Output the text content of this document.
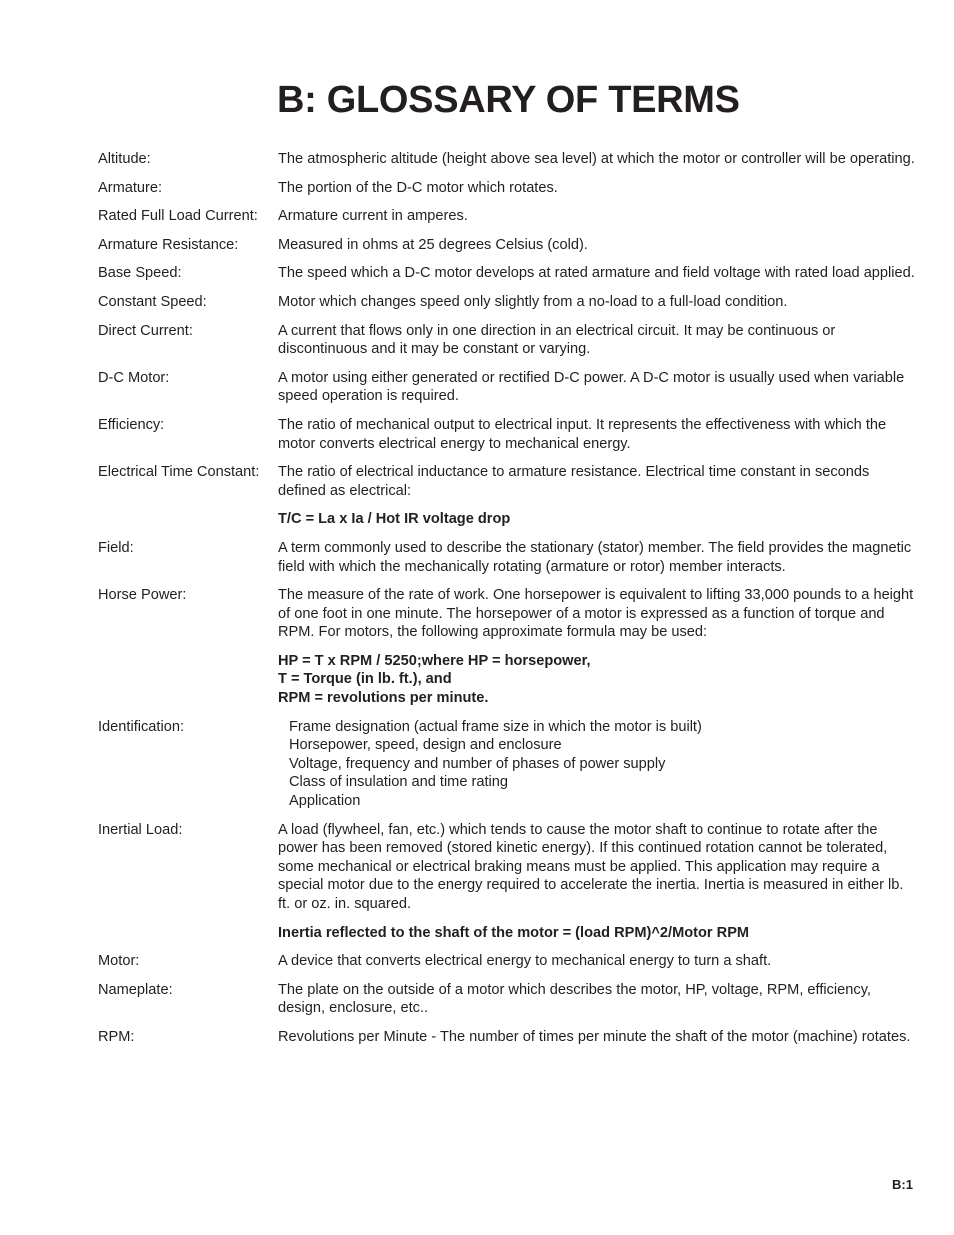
B: GLOSSARY OF TERMS
Altitude:	The atmospheric altitude (height above sea level) at which the motor or controller will be operating.

Armature:	The portion of the D-C motor which rotates.

Rated Full Load Current:	Armature current in amperes.

Armature Resistance:	Measured in ohms at 25 degrees Celsius (cold).

Base Speed:	The speed which a D-C motor develops at rated armature and field voltage with rated load applied.

Constant Speed:	Motor which changes speed only slightly from a no-load to a full-load condition.

Direct Current:	A current that flows only in one direction in an electrical circuit. It may be continuous or discontinuous and it may be constant or varying.

D-C Motor:	A motor using either generated or rectified D-C power. A D-C motor is usually used when variable speed operation is required.

Efficiency:	The ratio of mechanical output to electrical input. It represents the effectiveness with which the motor converts electrical energy to mechanical energy.

Electrical Time Constant:	The ratio of electrical inductance to armature resistance. Electrical time constant in seconds defined as electrical:

T/C = La x Ia / Hot IR voltage drop

Field:	A term commonly used to describe the stationary (stator) member. The field provides the magnetic field with which the mechanically rotating (armature or rotor) member interacts.

Horse Power:	The measure of the rate of work. One horsepower is equivalent to lifting 33,000 pounds to a height of one foot in one minute. The horsepower of a motor is expressed as a function of torque and RPM. For motors, the following approximate formula may be used:

HP = T x RPM / 5250;where HP = horsepower,
T = Torque (in lb. ft.), and
RPM = revolutions per minute.
Identification:	Frame designation (actual frame size in which the motor is built)

Horsepower, speed, design and enclosure

Voltage, frequency and number of phases of power supply

Class of insulation and time rating

Application

Inertial Load:	A load (flywheel, fan, etc.) which tends to cause the motor shaft to continue to rotate after the power has been removed (stored kinetic energy). If this continued rotation cannot be tolerated, some mechanical or electrical braking means must be applied. This application may require a special motor due to the energy required to accelerate the inertia. Inertia is measured in either lb. ft. or oz. in. squared.

Inertia reflected to the shaft of the motor = (load RPM)^2/Motor RPM

Motor:	A device that converts electrical energy to mechanical energy to turn a shaft.

Nameplate:	The plate on the outside of a motor which describes the motor, HP, voltage, RPM, efficiency, design, enclosure, etc..

RPM:	Revolutions per Minute - The number of times per minute the shaft of the motor (machine) rotates.

B:1
